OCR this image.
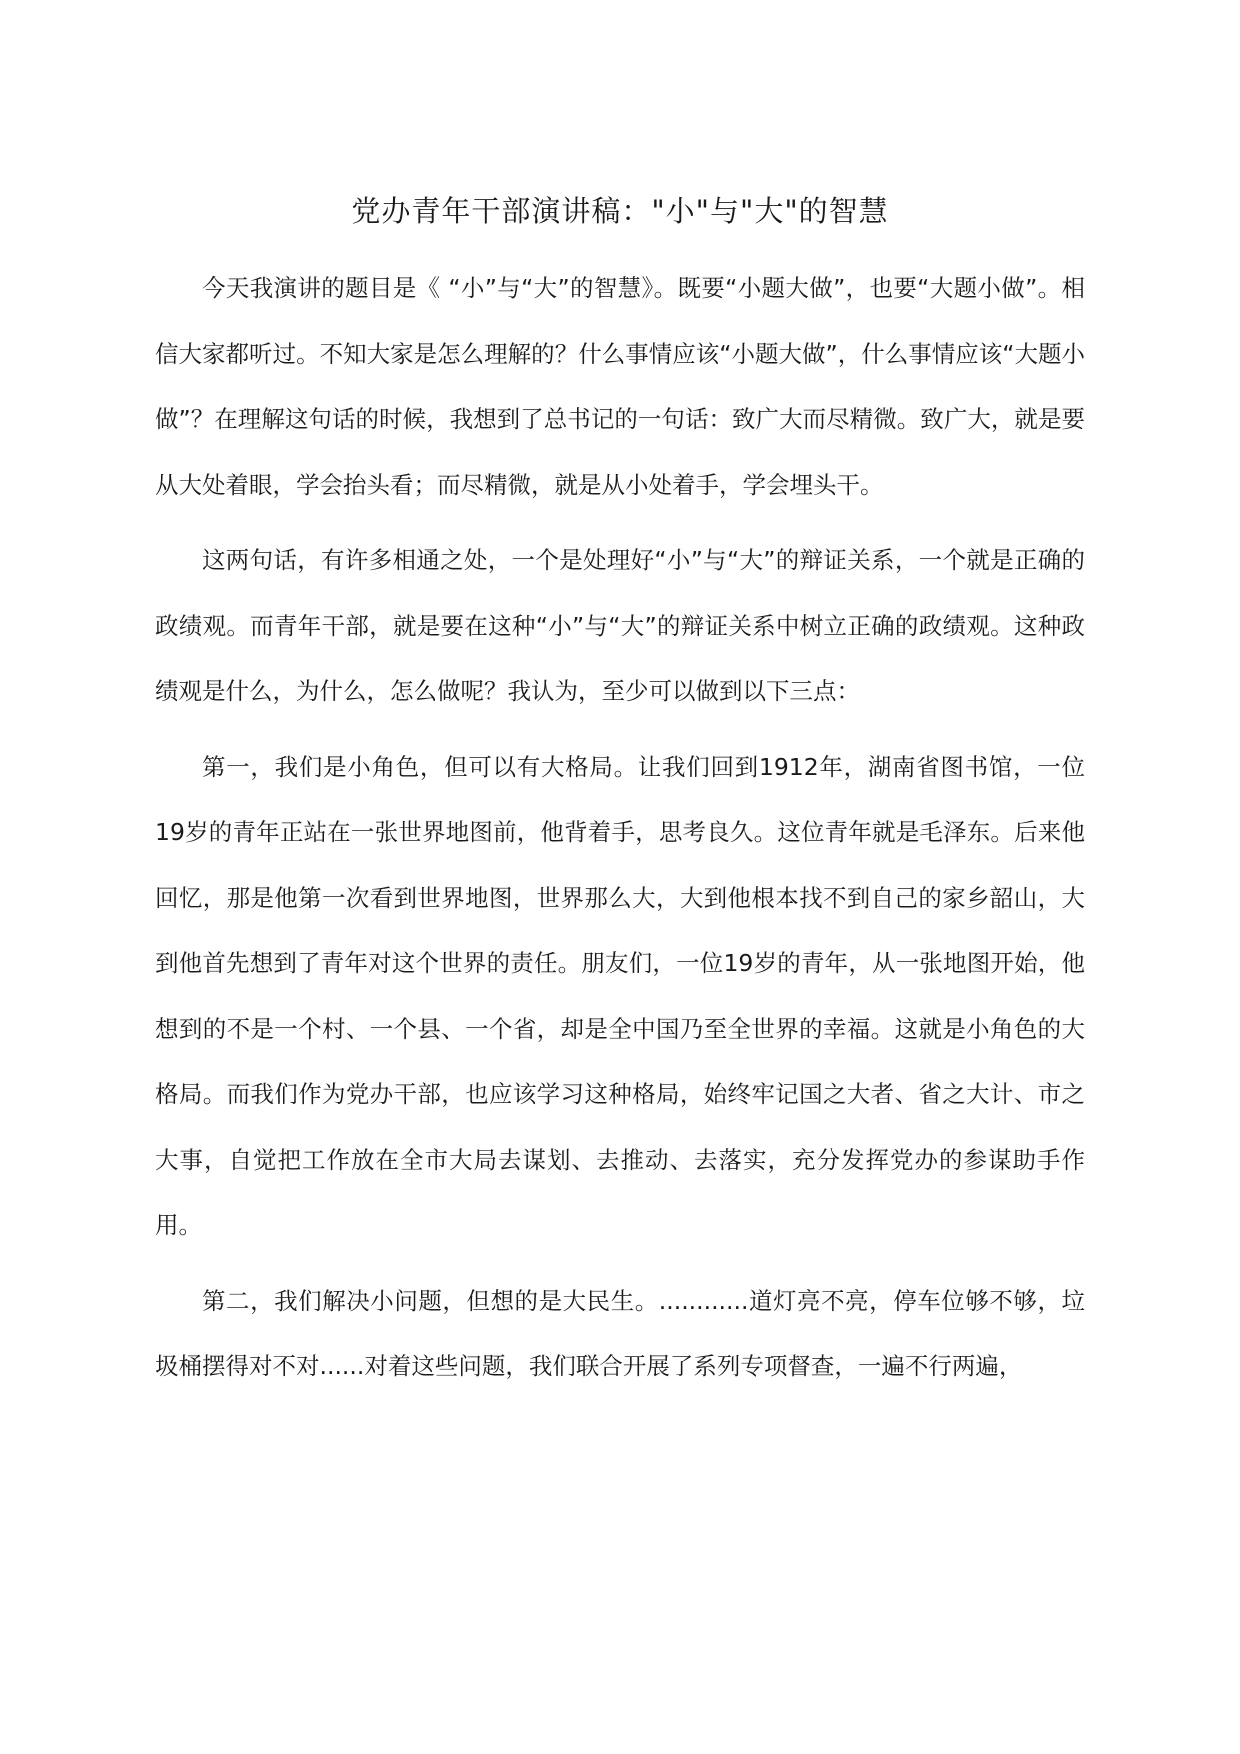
党办青年干部演讲稿："小"与"大"的智慧

今天我演讲的题目是《 “小”与“大”的智慧》。既要“小题大做”，也要“大题小做”。相信大家都听过。不知大家是怎么理解的？什么事情应该“小题大做”，什么事情应该“大题小做”？在理解这句话的时候，我想到了总书记的一句话：致广大而尽精微。致广大，就是要从大处着眼，学会抬头看；而尽精微，就是从小处着手，学会埋头干。

这两句话，有许多相通之处，一个是处理好“小”与“大”的辩证关系，一个就是正确的政绩观。而青年干部，就是要在这种“小”与“大”的辩证关系中树立正确的政绩观。这种政绩观是什么，为什么，怎么做呢？我认为，至少可以做到以下三点：

第一，我们是小角色，但可以有大格局。让我们回到1912年，湖南省图书馆，一位19岁的青年正站在一张世界地图前，他背着手，思考良久。这位青年就是毛泽东。后来他回忆，那是他第一次看到世界地图，世界那么大，大到他根本找不到自己的家乡韶山，大到他首先想到了青年对这个世界的责任。朋友们，一位19岁的青年，从一张地图开始，他想到的不是一个村、一个县、一个省，却是全中国乃至全世界的幸福。这就是小角色的大格局。而我们作为党办干部，也应该学习这种格局，始终牢记国之大者、省之大计、市之大事，自觉把工作放在全市大局去谋划、去推动、去落实，充分发挥党办的参谋助手作用。

第二，我们解决小问题，但想的是大民生。............道灯亮不亮，停车位够不够，垃圾桶摆得对不对......对着这些问题，我们联合开展了系列专项督查，一遍不行两遍，
